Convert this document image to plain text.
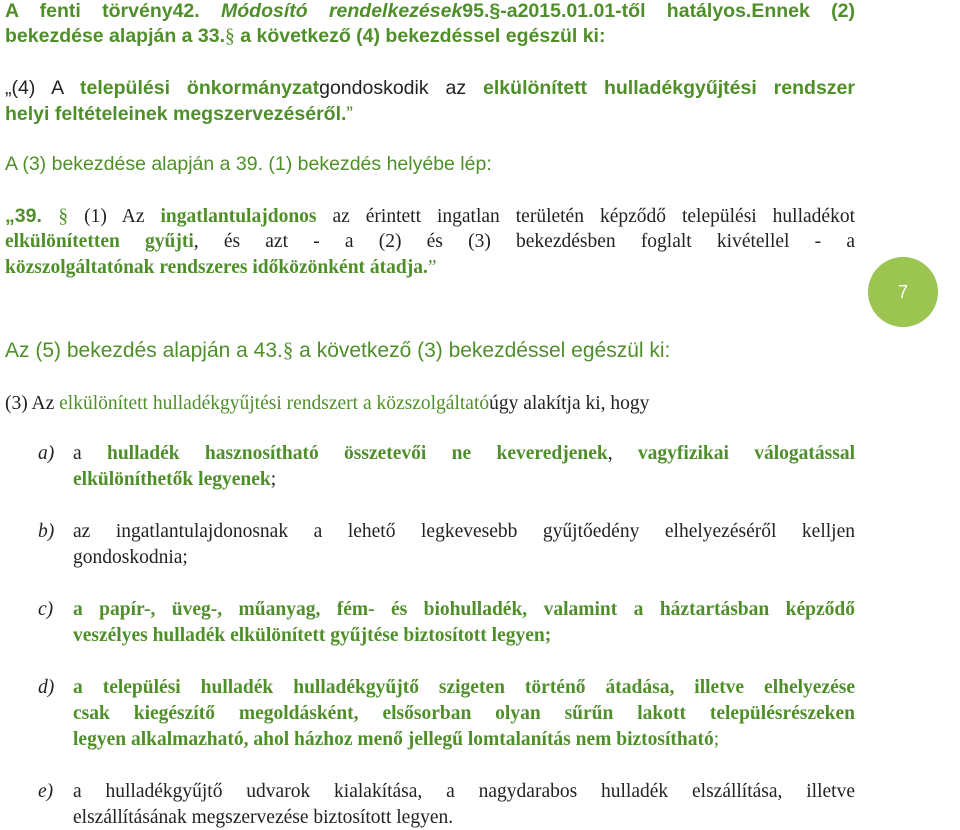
A fenti törvény42. Módosító rendelkezések95.§-a2015.01.01-től hatályos.Ennek (2)
bekezdése alapján a 33.§ a következő (4) bekezdéssel egészül ki:
„(4) A települési önkormányzatgondoskodik az elkülönített hulladékgyűjtési rendszer
helyi feltételeinek megszervezéséről.”
A (3) bekezdése alapján a 39. (1) bekezdés helyébe lép:
„39. § (1) Az ingatlantulajdonos az érintett ingatlan területén képződő települési hulladékot
elkülönítetten gyűjti, és azt - a (2) és (3) bekezdésben foglalt kivétellel - a
közszolgáltatónak rendszeres időközönként átadja.”
7
Az (5) bekezdés alapján a 43.§ a következő (3) bekezdéssel egészül ki:
(3) Az elkülönített hulladékgyűjtési rendszert a közszolgáltatóúgy alakítja ki, hogy
a) a hulladék hasznosítható összetevői ne keveredjenek, vagyfizikai válogatással
elkülöníthetők legyenek;
b) az ingatlantulajdonosnak a lehető legkevesebb gyűjtőedény elhelyezéséről kelljen
gondoskodnia;
c) a papír-, üveg-, műanyag, fém- és biohulladék, valamint a háztartásban képződő
veszélyes hulladék elkülönített gyűjtése biztosított legyen;
d) a települési hulladék hulladékgyűjtő szigeten történő átadása, illetve elhelyezése
csak kiegészítő megoldásként, elsősorban olyan sűrűn lakott településrészeken
legyen alkalmazható, ahol házhoz menő jellegű lomtalanítás nem biztosítható;
e) a hulladékgyűjtő udvarok kialakítása, a nagydarabos hulladék elszállítása, illetve
elszállításának megszervezése biztosított legyen.
